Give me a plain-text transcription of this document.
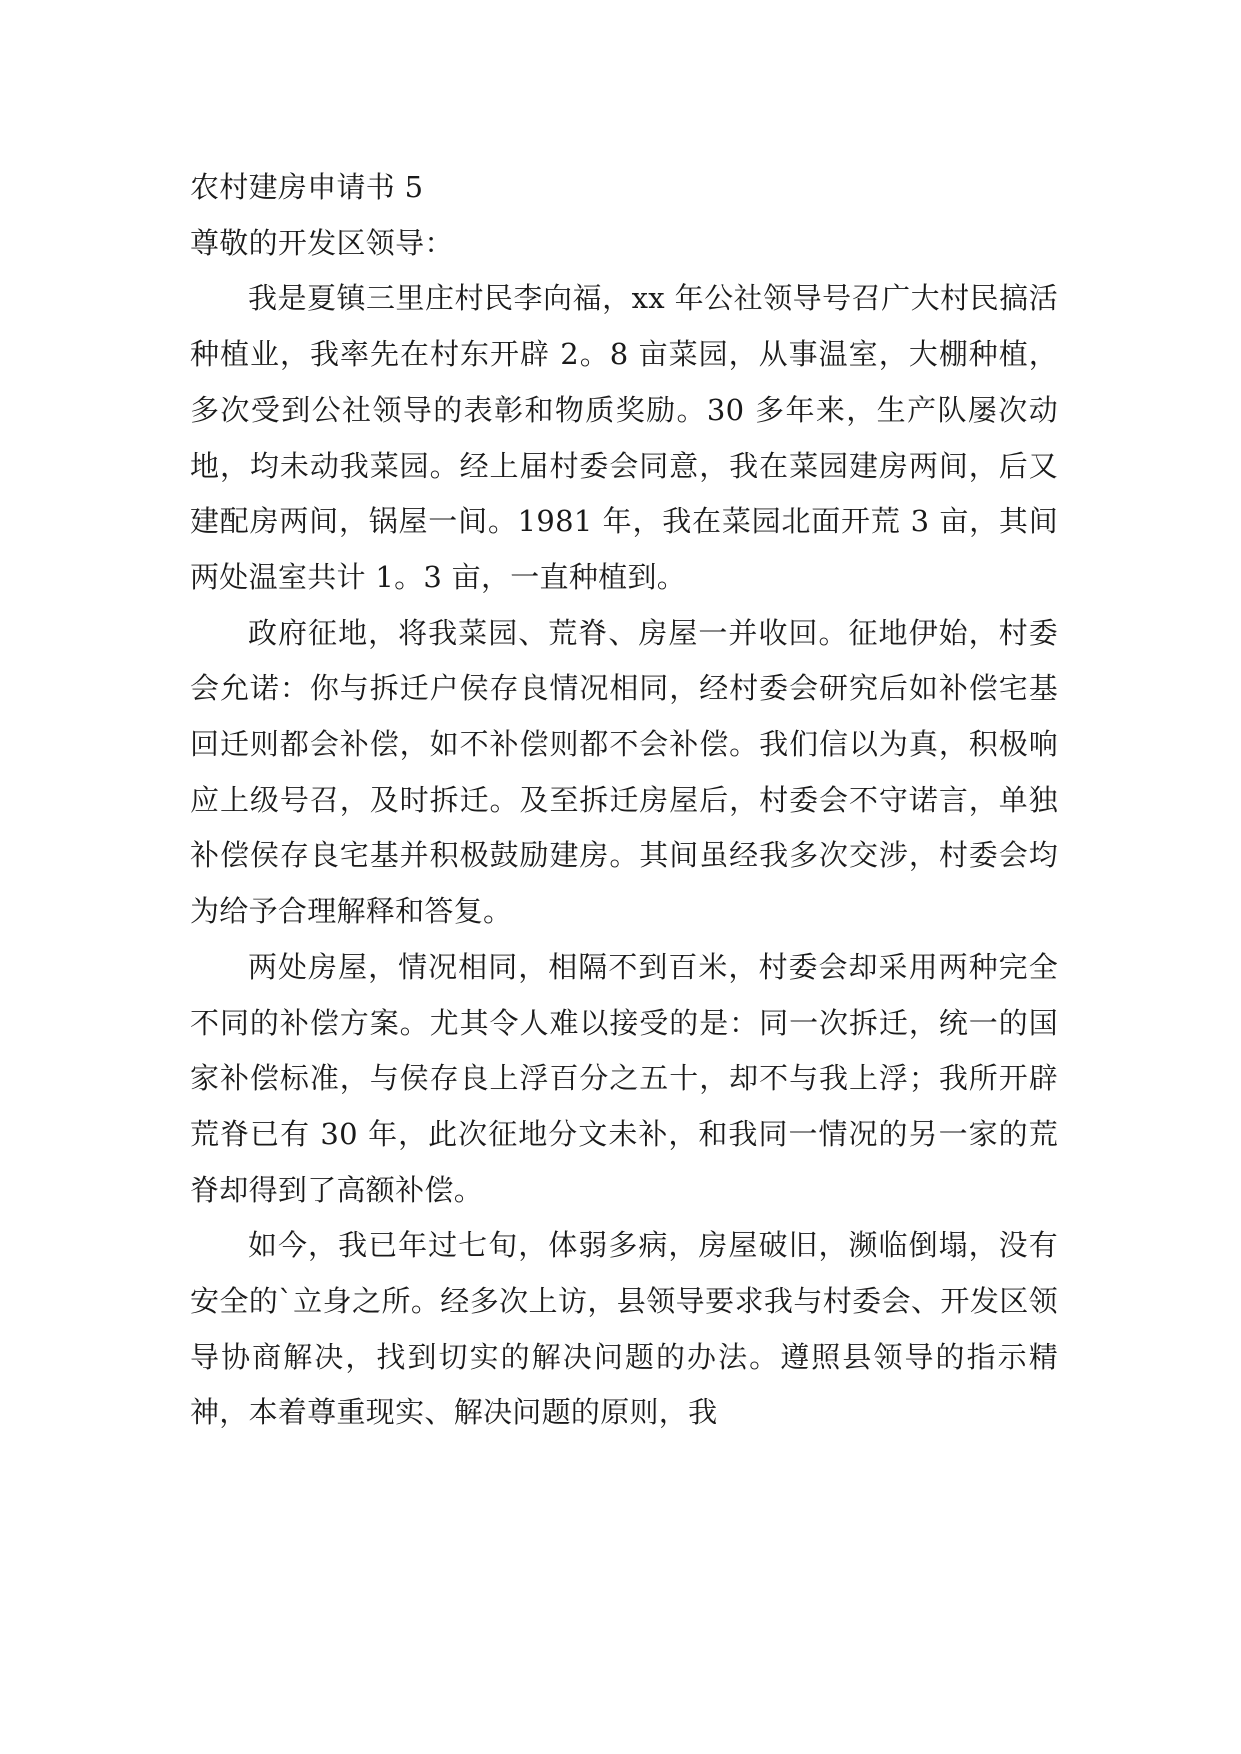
农村建房申请书 5

尊敬的开发区领导：

我是夏镇三里庄村民李向福，xx 年公社领导号召广大村民搞活种植业，我率先在村东开辟 2。8 亩菜园，从事温室，大棚种植，多次受到公社领导的表彰和物质奖励。30 多年来，生产队屡次动地，均未动我菜园。经上届村委会同意，我在菜园建房两间，后又建配房两间，锅屋一间。1981 年，我在菜园北面开荒 3 亩，其间两处温室共计 1。3 亩，一直种植到。

政府征地，将我菜园、荒脊、房屋一并收回。征地伊始，村委会允诺：你与拆迁户侯存良情况相同，经村委会研究后如补偿宅基回迁则都会补偿，如不补偿则都不会补偿。我们信以为真，积极响应上级号召，及时拆迁。及至拆迁房屋后，村委会不守诺言，单独补偿侯存良宅基并积极鼓励建房。其间虽经我多次交涉，村委会均为给予合理解释和答复。

两处房屋，情况相同，相隔不到百米，村委会却采用两种完全不同的补偿方案。尤其令人难以接受的是：同一次拆迁，统一的国家补偿标准，与侯存良上浮百分之五十，却不与我上浮；我所开辟荒脊已有 30 年，此次征地分文未补，和我同一情况的另一家的荒脊却得到了高额补偿。

如今，我已年过七旬，体弱多病，房屋破旧，濒临倒塌，没有安全的`立身之所。经多次上访，县领导要求我与村委会、开发区领导协商解决，找到切实的解决问题的办法。遵照县领导的指示精神，本着尊重现实、解决问题的原则，我
